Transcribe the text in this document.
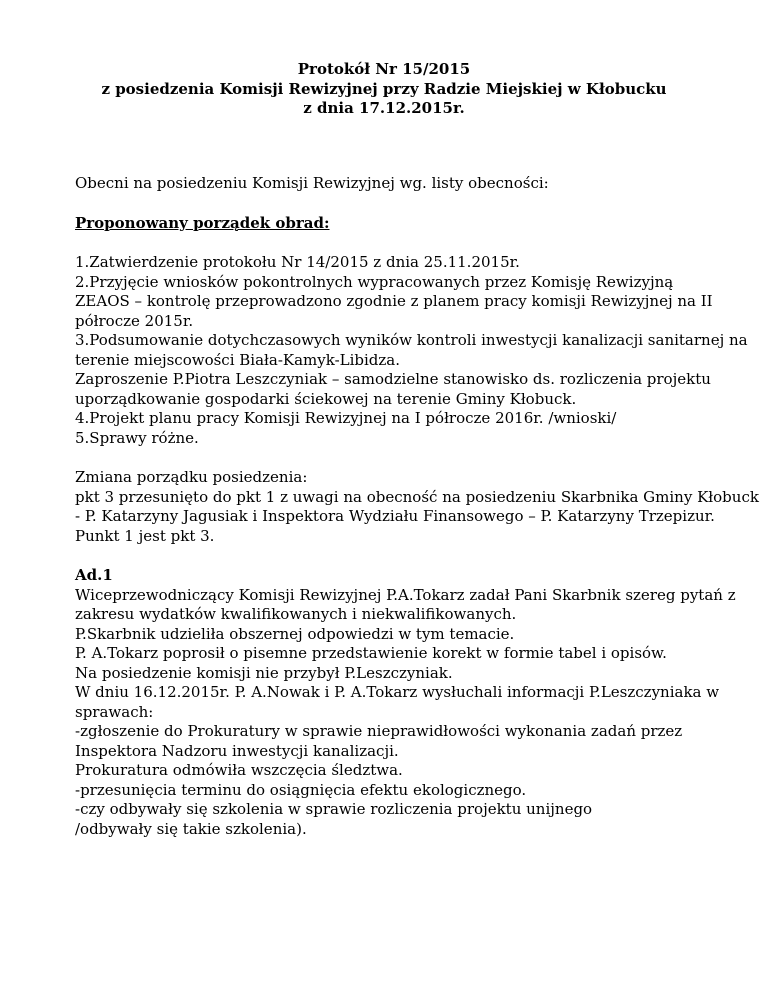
Protokół Nr 15/2015
z posiedzenia Komisji Rewizyjnej przy Radzie Miejskiej w Kłobucku
z dnia 17.12.2015r.
Obecni na posiedzeniu Komisji Rewizyjnej wg. listy obecności:
Proponowany porządek obrad:
1.Zatwierdzenie protokołu Nr 14/2015 z dnia 25.11.2015r.
2.Przyjęcie wniosków pokontrolnych wypracowanych przez Komisję Rewizyjną
ZEAOS – kontrolę przeprowadzono zgodnie z planem pracy komisji Rewizyjnej na II
półrocze 2015r.
3.Podsumowanie dotychczasowych wyników kontroli inwestycji kanalizacji sanitarnej na
terenie miejscowości Biała-Kamyk-Libidza.
Zaproszenie P.Piotra Leszczyniak – samodzielne stanowisko ds. rozliczenia projektu
uporządkowanie gospodarki ściekowej na terenie Gminy Kłobuck.
4.Projekt planu pracy Komisji Rewizyjnej na I półrocze 2016r. /wnioski/
5.Sprawy różne.
Zmiana porządku posiedzenia:
pkt 3 przesunięto do pkt 1 z uwagi na obecność na posiedzeniu Skarbnika Gminy Kłobuck
- P. Katarzyny Jagusiak i Inspektora Wydziału Finansowego – P. Katarzyny Trzepizur.
Punkt 1 jest pkt 3.
Ad.1
Wiceprzewodniczący Komisji Rewizyjnej P.A.Tokarz zadał Pani Skarbnik szereg pytań z
zakresu wydatków kwalifikowanych i niekwalifikowanych.
P.Skarbnik udzieliła obszernej odpowiedzi w tym temacie.
P. A.Tokarz poprosił o pisemne przedstawienie korekt w formie tabel i opisów.
Na posiedzenie komisji nie przybył P.Leszczyniak.
W dniu 16.12.2015r. P. A.Nowak i P. A.Tokarz wysłuchali informacji P.Leszczyniaka w
sprawach:
-zgłoszenie do Prokuratury w sprawie nieprawidłowości wykonania zadań przez
Inspektora Nadzoru inwestycji kanalizacji.
Prokuratura odmówiła wszczęcia śledztwa.
-przesunięcia terminu do osiągnięcia efektu ekologicznego.
-czy odbywały się szkolenia w sprawie rozliczenia projektu unijnego
/odbywały się takie szkolenia).
